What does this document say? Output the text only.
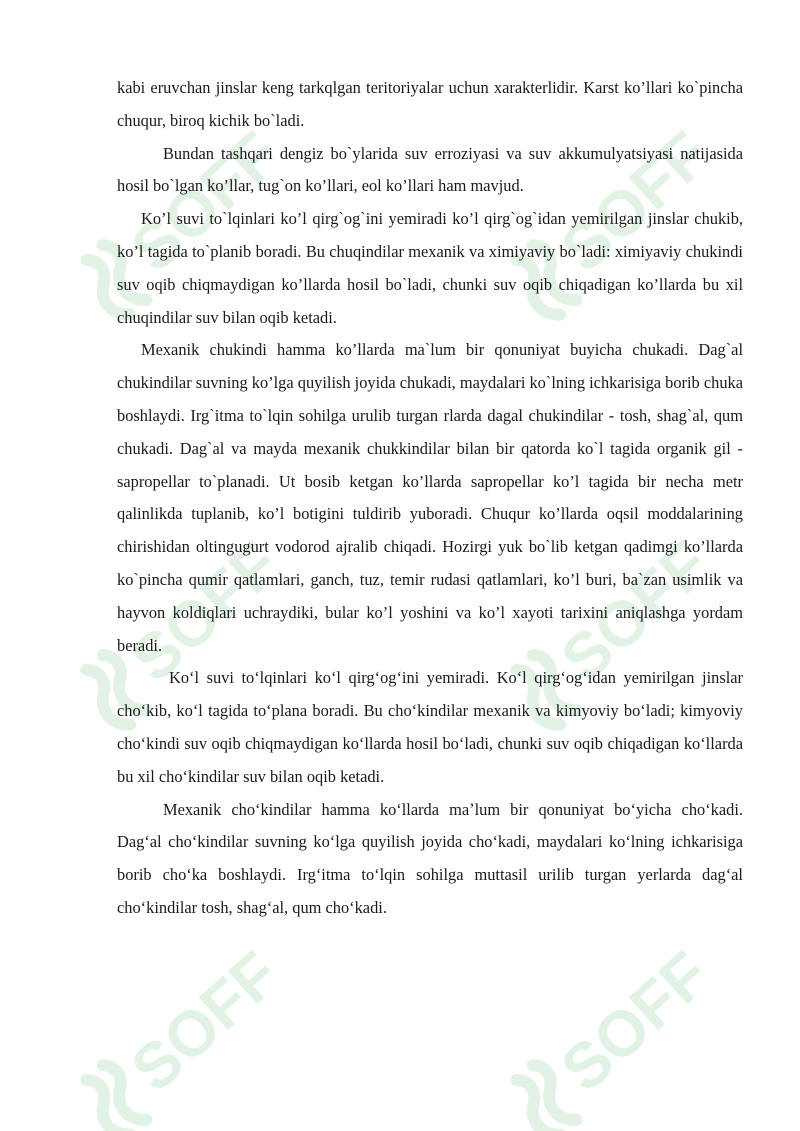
SOFF

kabi eruvchan jinslar keng tarkqlgan teritoriyalar uchun xarakterlidir. Karst ko’llari ko`pincha chuqur, biroq kichik bo`ladi.

Bundan tashqari dengiz bo`ylarida suv erroziyasi va suv akkumulyatsiyasi natijasida hosil bo`lgan ko’llar, tug`on ko’llari, eol ko’llari ham mavjud.

Ko’l suvi to`lqinlari ko’l qirg`og`ini yemiradi ko’l qirg`og`idan yemirilgan jinslar chukib, ko’l tagida to`planib boradi. Bu chuqindilar mexanik va ximiyaviy bo`ladi: ximiyaviy chukindi suv oqib chiqmaydigan ko’llarda hosil bo`ladi, chunki suv oqib chiqadigan ko’llarda bu xil chuqindilar suv bilan oqib ketadi.

Mexanik chukindi hamma ko’llarda ma`lum bir qonuniyat buyicha chukadi. Dag`al chukindilar suvning ko’lga quyilish joyida chukadi, maydalari ko`lning ichkarisiga borib chuka boshlaydi. Irg`itma to`lqin sohilga urulib turgan rlarda dagal chukindilar - tosh, shag`al, qum chukadi. Dag`al va mayda mexanik chukkindilar bilan bir qatorda ko`l tagida organik gil - sapropellar to`planadi. Ut bosib ketgan ko’llarda sapropellar ko’l tagida bir necha metr qalinlikda tuplanib, ko’l botigini tuldirib yuboradi. Chuqur ko’llarda oqsil moddalarining chirishidan oltingugurt vodorod ajralib chiqadi. Hozirgi yuk bo`lib ketgan qadimgi ko’llarda ko`pincha qumir qatlamlari, ganch, tuz, temir rudasi qatlamlari, ko’l buri, ba`zan usimlik va hayvon koldiqlari uchraydiki, bular ko’l yoshini va ko’l xayoti tarixini aniqlashga yordam beradi.

Koʻl suvi toʻlqinlari koʻl qirgʻogʻini yemiradi. Koʻl qirgʻogʻidan yemirilgan jinslar choʻkib, koʻl tagida toʻplana boradi. Bu choʻkindilar mexanik va kimyoviy boʻladi; kimyoviy choʻkindi suv oqib chiqmaydigan koʻllarda hosil boʻladi, chunki suv oqib chiqadigan koʻllarda bu xil choʻkindilar suv bilan oqib ketadi.

Mexanik choʻkindilar hamma koʻllarda maʼlum bir qonuniyat boʻyicha choʻkadi. Dagʻal choʻkindilar suvning koʻlga quyilish joyida choʻkadi, maydalari koʻlning ichkarisiga borib choʻka boshlaydi. Irgʻitma toʻlqin sohilga muttasil urilib turgan yerlarda dagʻal choʻkindilar tosh, shagʻal, qum choʻkadi.
